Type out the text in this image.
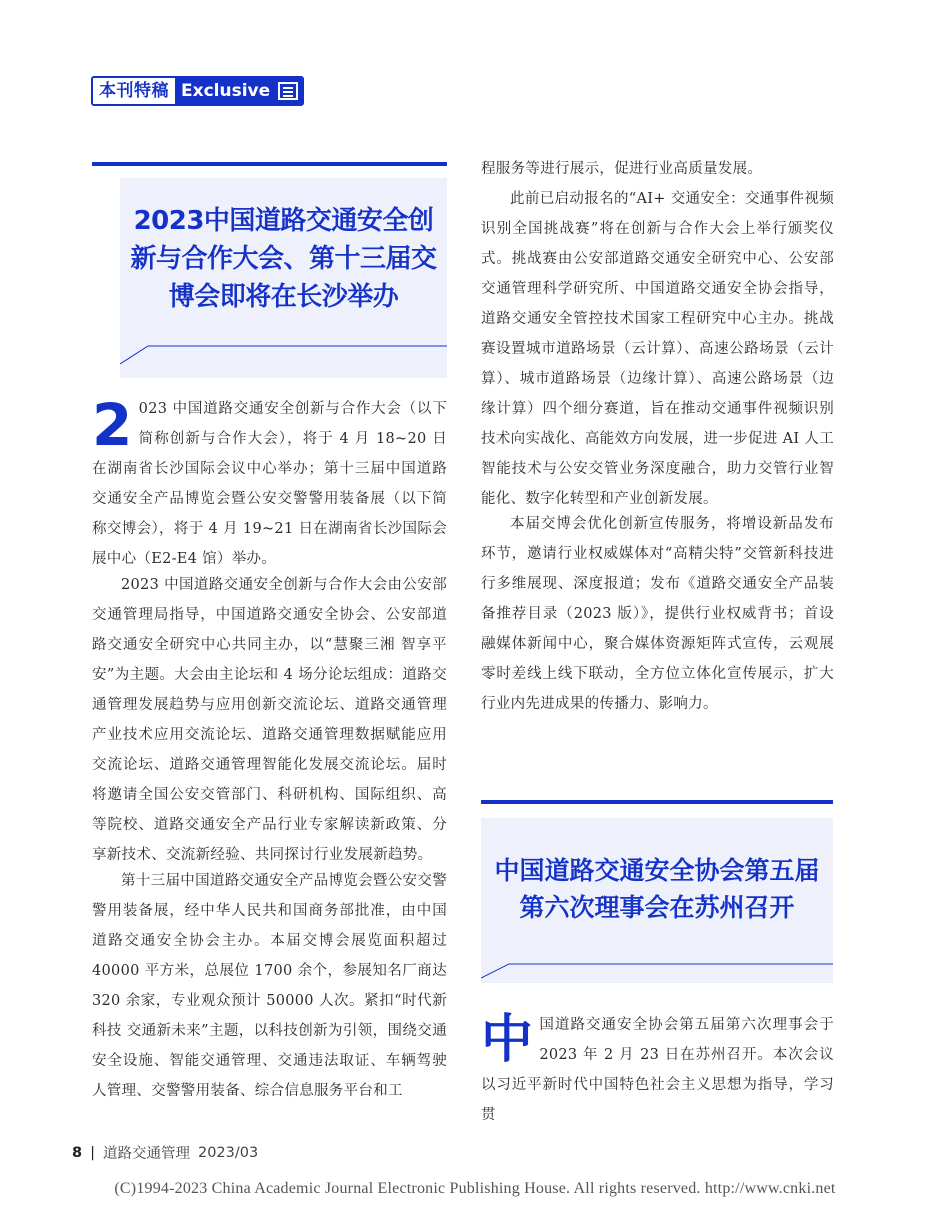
本刊特稿 Exclusive
2023中国道路交通安全创新与合作大会、第十三届交博会即将在长沙举办
2 023 中国道路交通安全创新与合作大会（以下简称创新与合作大会），将于 4 月 18~20 日在湖南省长沙国际会议中心举办；第十三届中国道路交通安全产品博览会暨公安交警警用装备展（以下简称交博会），将于 4 月 19~21 日在湖南省长沙国际会展中心（E2-E4 馆）举办。
2023 中国道路交通安全创新与合作大会由公安部交通管理局指导，中国道路交通安全协会、公安部道路交通安全研究中心共同主办，以“慧聚三湘 智享平安”为主题。大会由主论坛和 4 场分论坛组成：道路交通管理发展趋势与应用创新交流论坛、道路交通管理产业技术应用交流论坛、道路交通管理数据赋能应用交流论坛、道路交通管理智能化发展交流论坛。届时将邀请全国公安交管部门、科研机构、国际组织、高等院校、道路交通安全产品行业专家解读新政策、分享新技术、交流新经验、共同探讨行业发展新趋势。
第十三届中国道路交通安全产品博览会暨公安交警警用装备展，经中华人民共和国商务部批准，由中国道路交通安全协会主办。本届交博会展览面积超过 40000 平方米，总展位 1700 余个，参展知名厂商达 320 余家，专业观众预计 50000 人次。紧扣“时代新科技 交通新未来”主题，以科技创新为引领，围绕交通安全设施、智能交通管理、交通违法取证、车辆驾驶人管理、交警警用装备、综合信息服务平台和工
程服务等进行展示，促进行业高质量发展。
此前已启动报名的“AI+ 交通安全：交通事件视频识别全国挑战赛”将在创新与合作大会上举行颁奖仪式。挑战赛由公安部道路交通安全研究中心、公安部交通管理科学研究所、中国道路交通安全协会指导，道路交通安全管控技术国家工程研究中心主办。挑战赛设置城市道路场景（云计算）、高速公路场景（云计算）、城市道路场景（边缘计算）、高速公路场景（边缘计算）四个细分赛道，旨在推动交通事件视频识别技术向实战化、高能效方向发展，进一步促进 AI 人工智能技术与公安交管业务深度融合，助力交管行业智能化、数字化转型和产业创新发展。
本届交博会优化创新宣传服务，将增设新品发布环节，邀请行业权威媒体对“高精尖特”交管新科技进行多维展现、深度报道；发布《道路交通安全产品装备推荐目录（2023 版）》，提供行业权威背书；首设融媒体新闻中心，聚合媒体资源矩阵式宣传，云观展零时差线上线下联动，全方位立体化宣传展示，扩大行业内先进成果的传播力、影响力。
中国道路交通安全协会第五届第六次理事会在苏州召开
中国道路交通安全协会第五届第六次理事会于 2023 年 2 月 23 日在苏州召开。本次会议以习近平新时代中国特色社会主义思想为指导，学习贯
8 | 道路交通管理 2023/03
(C)1994-2023 China Academic Journal Electronic Publishing House. All rights reserved. http://www.cnki.net
